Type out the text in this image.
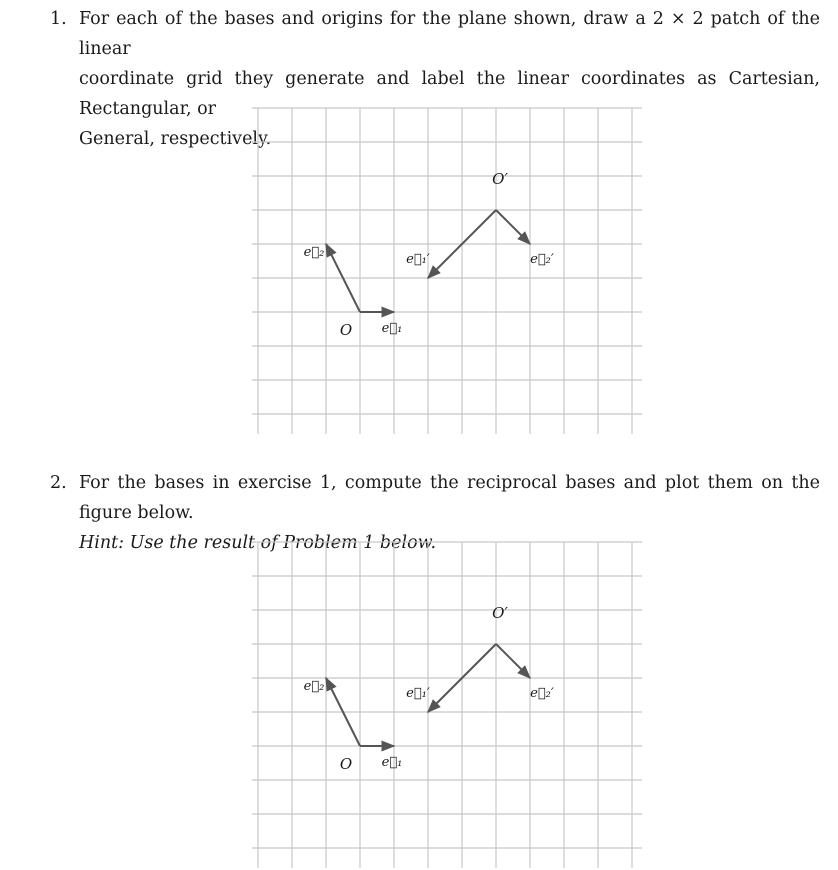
1. For each of the bases and origins for the plane shown, draw a 2 × 2 patch of the linear
coordinate grid they generate and label the linear coordinates as Cartesian, Rectangular, or
General, respectively.
2. For the bases in exercise 1, compute the reciprocal bases and plot them on the figure below.
Hint: Use the result of Problem 1 below.
O e⃗₁
e⃗₂
O′
e⃗₁′	e⃗₂′
O e⃗₁
e⃗₂
O′
e⃗₁′	e⃗₂′
